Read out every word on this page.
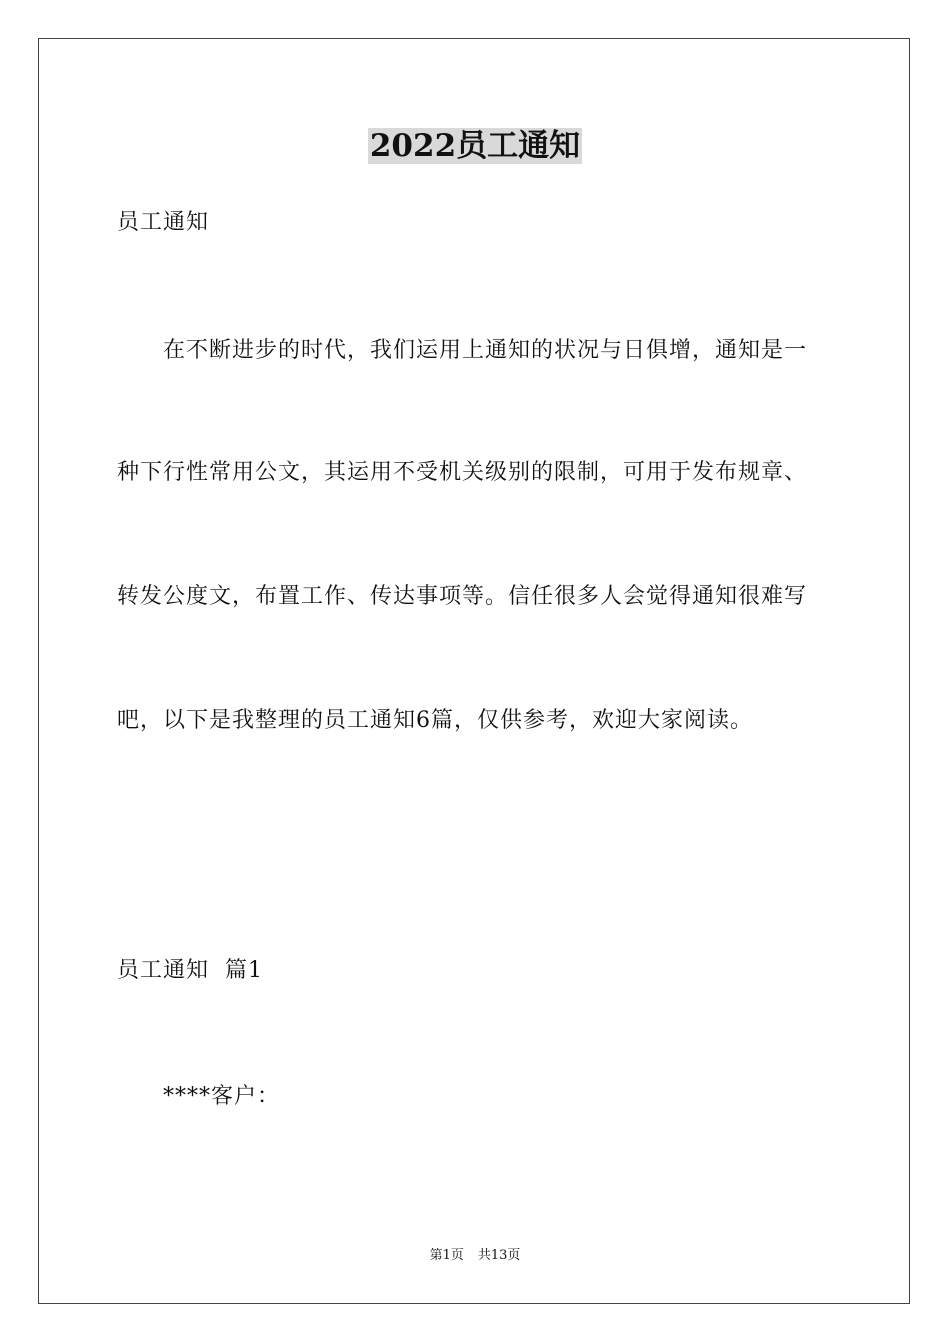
2022员工通知
员工通知
在不断进步的时代，我们运用上通知的状况与日俱增，通知是一
种下行性常用公文，其运用不受机关级别的限制，可用于发布规章、
转发公度文，布置工作、传达事项等。信任很多人会觉得通知很难写
吧，以下是我整理的员工通知6篇，仅供参考，欢迎大家阅读。
员工通知  篇1
****客户：
第1页 共13页
